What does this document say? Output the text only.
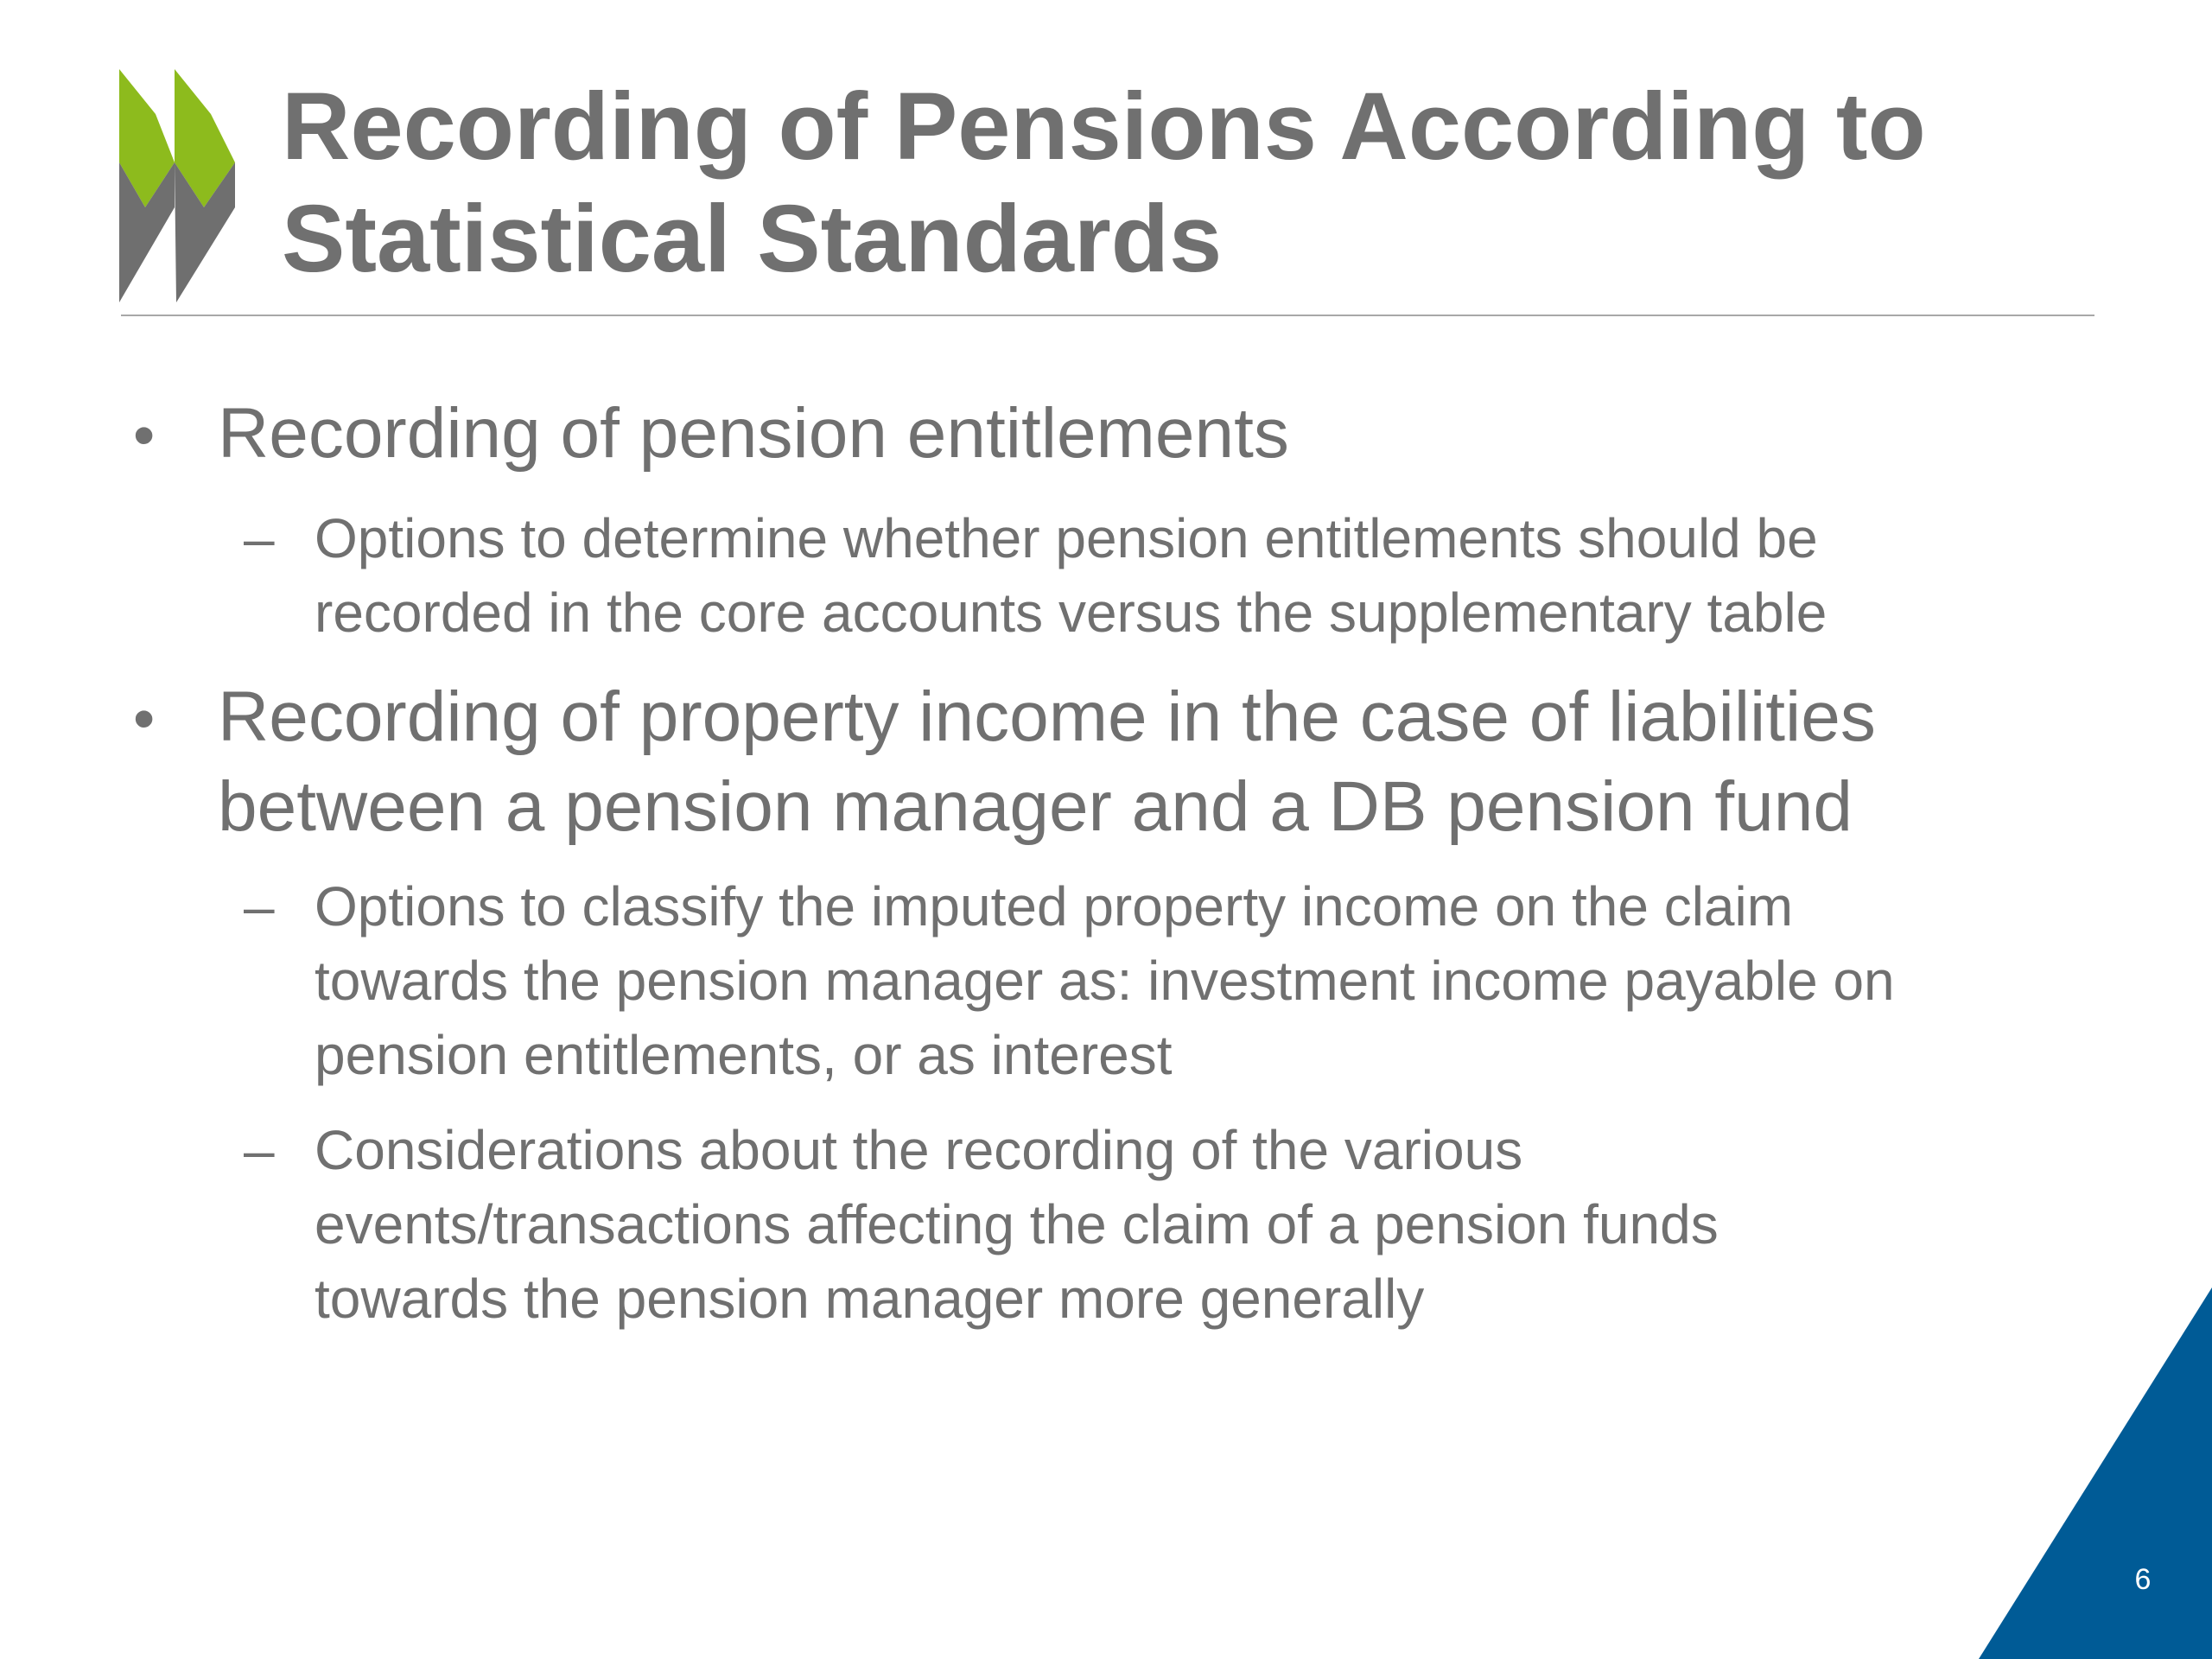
Recording of Pensions According to
Statistical Standards
• Recording of pension entitlements

– Options to determine whether pension entitlements should be

recorded in the core accounts versus the supplementary table

• Recording of property income in the case of liabilities

between a pension manager and a DB pension fund

– Options to classify the imputed property income on the claim

towards the pension manager as: investment income payable on

pension entitlements, or as interest

– Considerations about the recording of the various

events/transactions affecting the claim of a pension funds

towards the pension manager more generally

6
